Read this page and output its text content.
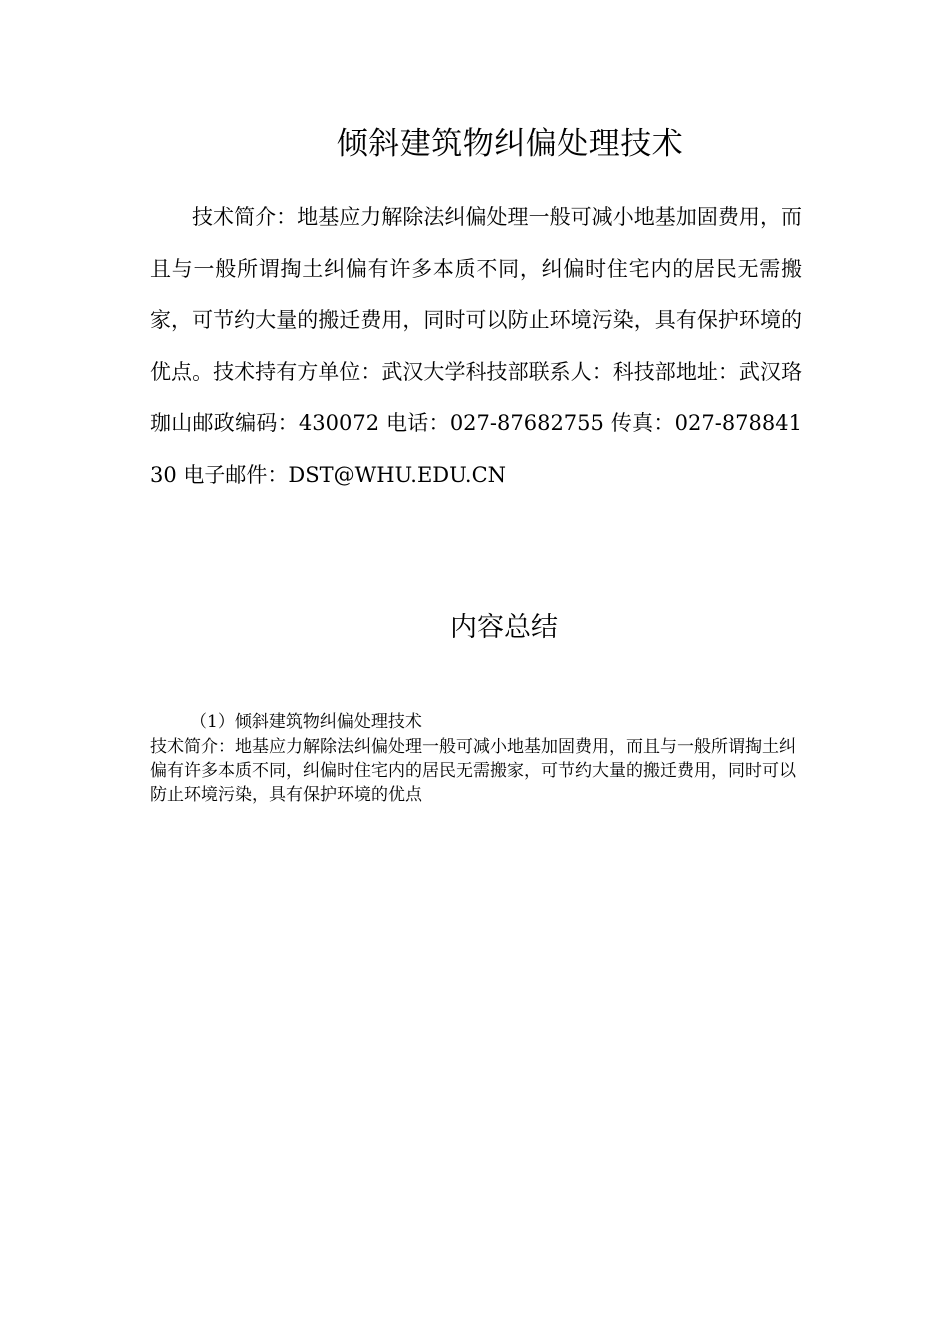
倾斜建筑物纠偏处理技术

技术简介：地基应力解除法纠偏处理一般可减小地基加固费用，而且与一般所谓掏土纠偏有许多本质不同，纠偏时住宅内的居民无需搬家，可节约大量的搬迁费用，同时可以防止环境污染，具有保护环境的优点。技术持有方单位：武汉大学科技部联系人：科技部地址：武汉珞珈山邮政编码：430072 电话：027-87682755 传真：027-87884130 电子邮件：DST@WHU.EDU.CN

内容总结

（1）倾斜建筑物纠偏处理技术

技术简介：地基应力解除法纠偏处理一般可减小地基加固费用，而且与一般所谓掏土纠偏有许多本质不同，纠偏时住宅内的居民无需搬家，可节约大量的搬迁费用，同时可以防止环境污染，具有保护环境的优点
